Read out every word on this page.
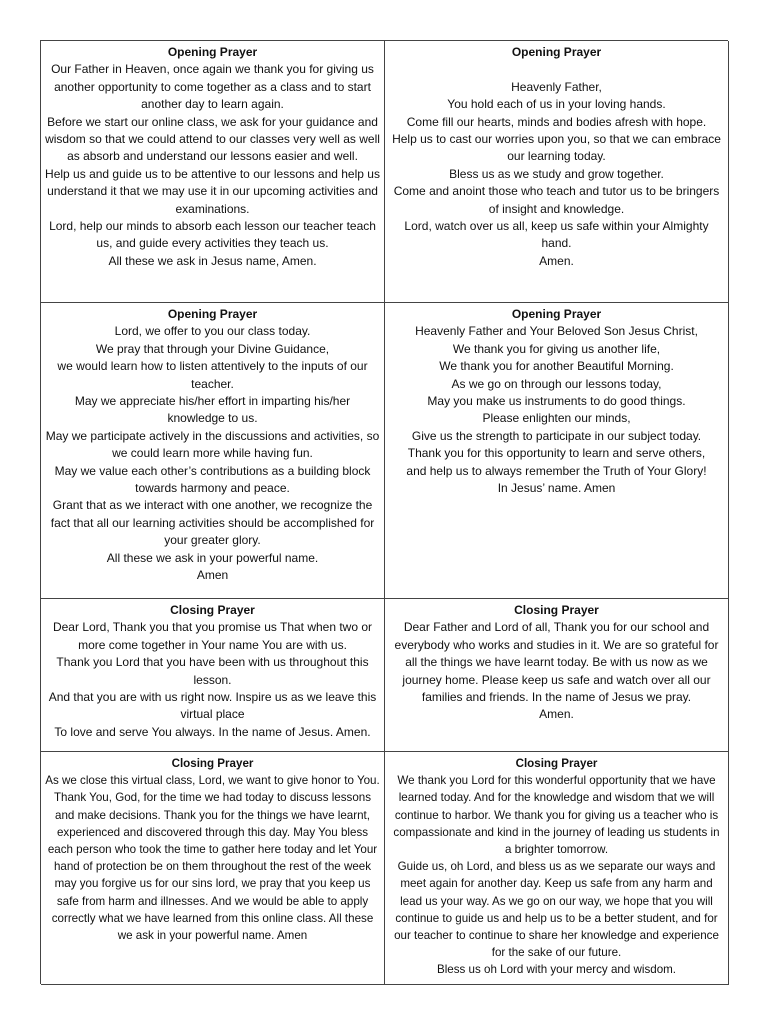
Opening Prayer
Our Father in Heaven, once again we thank you for giving us another opportunity to come together as a class and to start another day to learn again.
Before we start our online class, we ask for your guidance and wisdom so that we could attend to our classes very well as well as absorb and understand our lessons easier and well.
Help us and guide us to be attentive to our lessons and help us understand it that we may use it in our upcoming activities and examinations.
Lord, help our minds to absorb each lesson our teacher teach us, and guide every activities they teach us.
All these we ask in Jesus name, Amen.
Opening Prayer
Heavenly Father,
You hold each of us in your loving hands.
Come fill our hearts, minds and bodies afresh with hope.
Help us to cast our worries upon you, so that we can embrace our learning today.
Bless us as we study and grow together.
Come and anoint those who teach and tutor us to be bringers of insight and knowledge.
Lord, watch over us all, keep us safe within your Almighty hand.
Amen.
Opening Prayer
Lord, we offer to you our class today.
We pray that through your Divine Guidance,
we would learn how to listen attentively to the inputs of our teacher.
May we appreciate his/her effort in imparting his/her knowledge to us.
May we participate actively in the discussions and activities, so we could learn more while having fun.
May we value each other’s contributions as a building block towards harmony and peace.
Grant that as we interact with one another, we recognize the fact that all our learning activities should be accomplished for your greater glory.
All these we ask in your powerful name.
Amen
Opening Prayer
Heavenly Father and Your Beloved Son Jesus Christ,
We thank you for giving us another life,
We thank you for another Beautiful Morning.
As we go on through our lessons today,
May you make us instruments to do good things.
Please enlighten our minds,
Give us the strength to participate in our subject today.
Thank you for this opportunity to learn and serve others,
and help us to always remember the Truth of Your Glory!
In Jesus’ name. Amen
Closing Prayer
Dear Lord, Thank you that you promise us That when two or more come together in Your name You are with us.
Thank you Lord that you have been with us throughout this lesson.
And that you are with us right now. Inspire us as we leave this virtual place
To love and serve You always. In the name of Jesus. Amen.
Closing Prayer
Dear Father and Lord of all, Thank you for our school and everybody who works and studies in it. We are so grateful for all the things we have learnt today. Be with us now as we journey home. Please keep us safe and watch over all our families and friends. In the name of Jesus we pray.
Amen.
Closing Prayer
As we close this virtual class, Lord, we want to give honor to You. Thank You, God, for the time we had today to discuss lessons and make decisions. Thank you for the things we have learnt, experienced and discovered through this day. May You bless each person who took the time to gather here today and let Your hand of protection be on them throughout the rest of the week may you forgive us for our sins lord, we pray that you keep us safe from harm and illnesses. And we would be able to apply correctly what we have learned from this online class. All these we ask in your powerful name. Amen
Closing Prayer
We thank you Lord for this wonderful opportunity that we have learned today. And for the knowledge and wisdom that we will continue to harbor. We thank you for giving us a teacher who is compassionate and kind in the journey of leading us students in a brighter tomorrow.
Guide us, oh Lord, and bless us as we separate our ways and meet again for another day. Keep us safe from any harm and lead us your way. As we go on our way, we hope that you will continue to guide us and help us to be a better student, and for our teacher to continue to share her knowledge and experience for the sake of our future.
Bless us oh Lord with your mercy and wisdom.
